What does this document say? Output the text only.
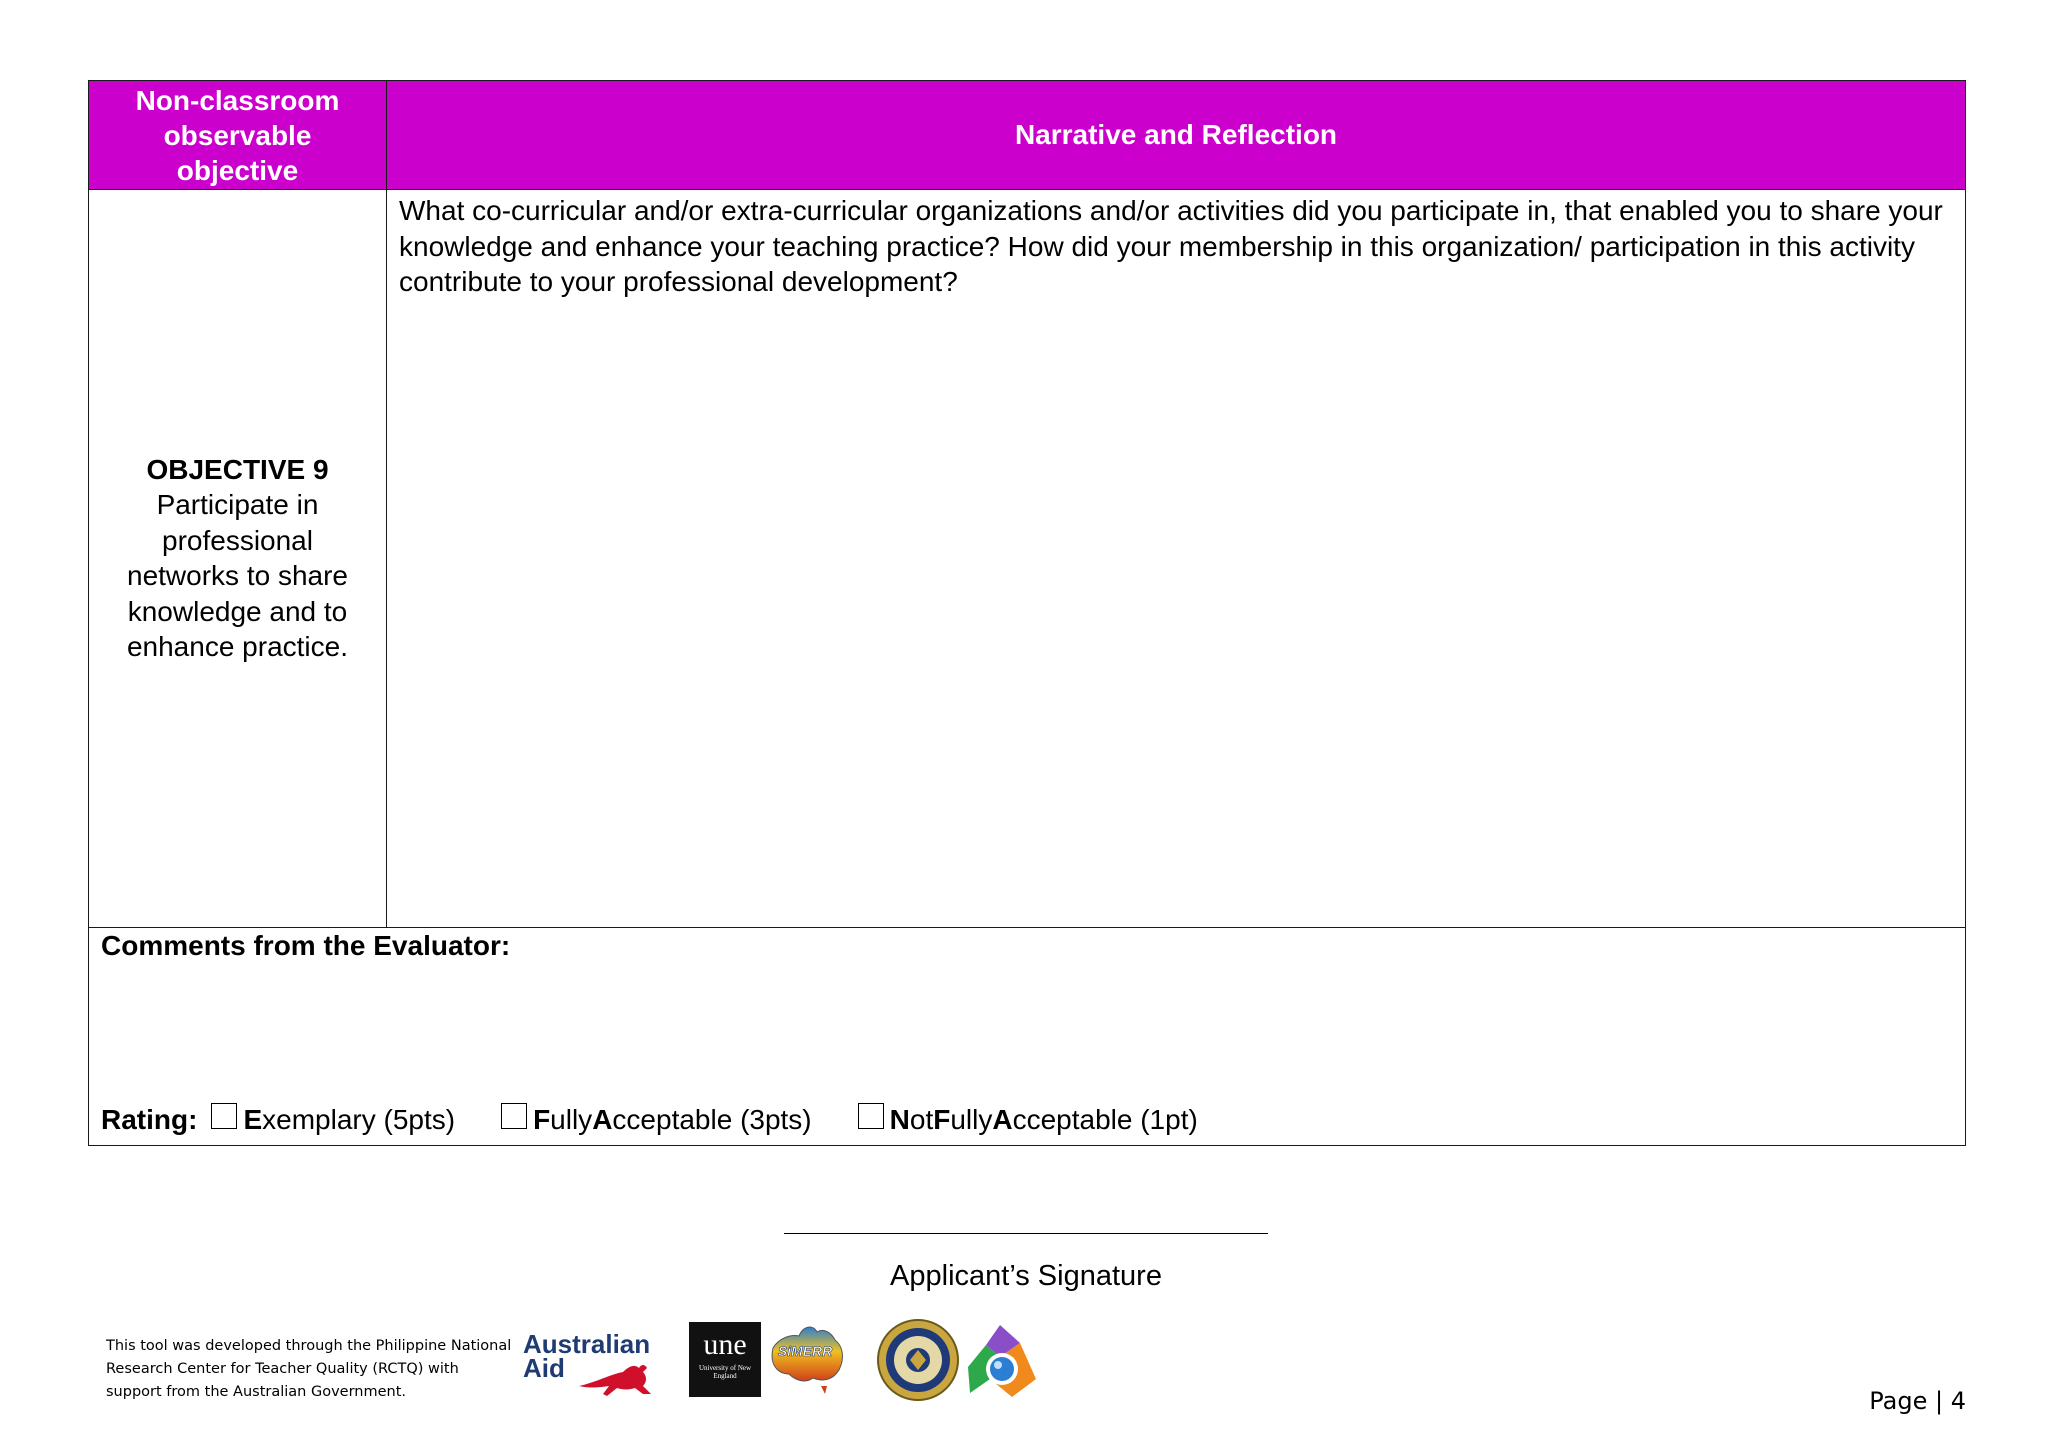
Non-classroom
observable
objective
Narrative and Reflection
OBJECTIVE 9
Participate in professional networks to share knowledge and to enhance practice.
What co-curricular and/or extra-curricular organizations and/or activities did you participate in, that enabled you to share your knowledge and enhance your teaching practice? How did your membership in this organization/ participation in this activity contribute to your professional development?
Comments from the Evaluator:
Rating: E xemplary (5pts)	F ully A cceptable (3pts)	N ot F ully A cceptable (1pt)
Applicant’s Signature
This tool was developed through the Philippine National Research Center for Teacher Quality (RCTQ) with support from the Australian Government.
Australian
Aid
une
University of New England
SiMERR
Page | 4
